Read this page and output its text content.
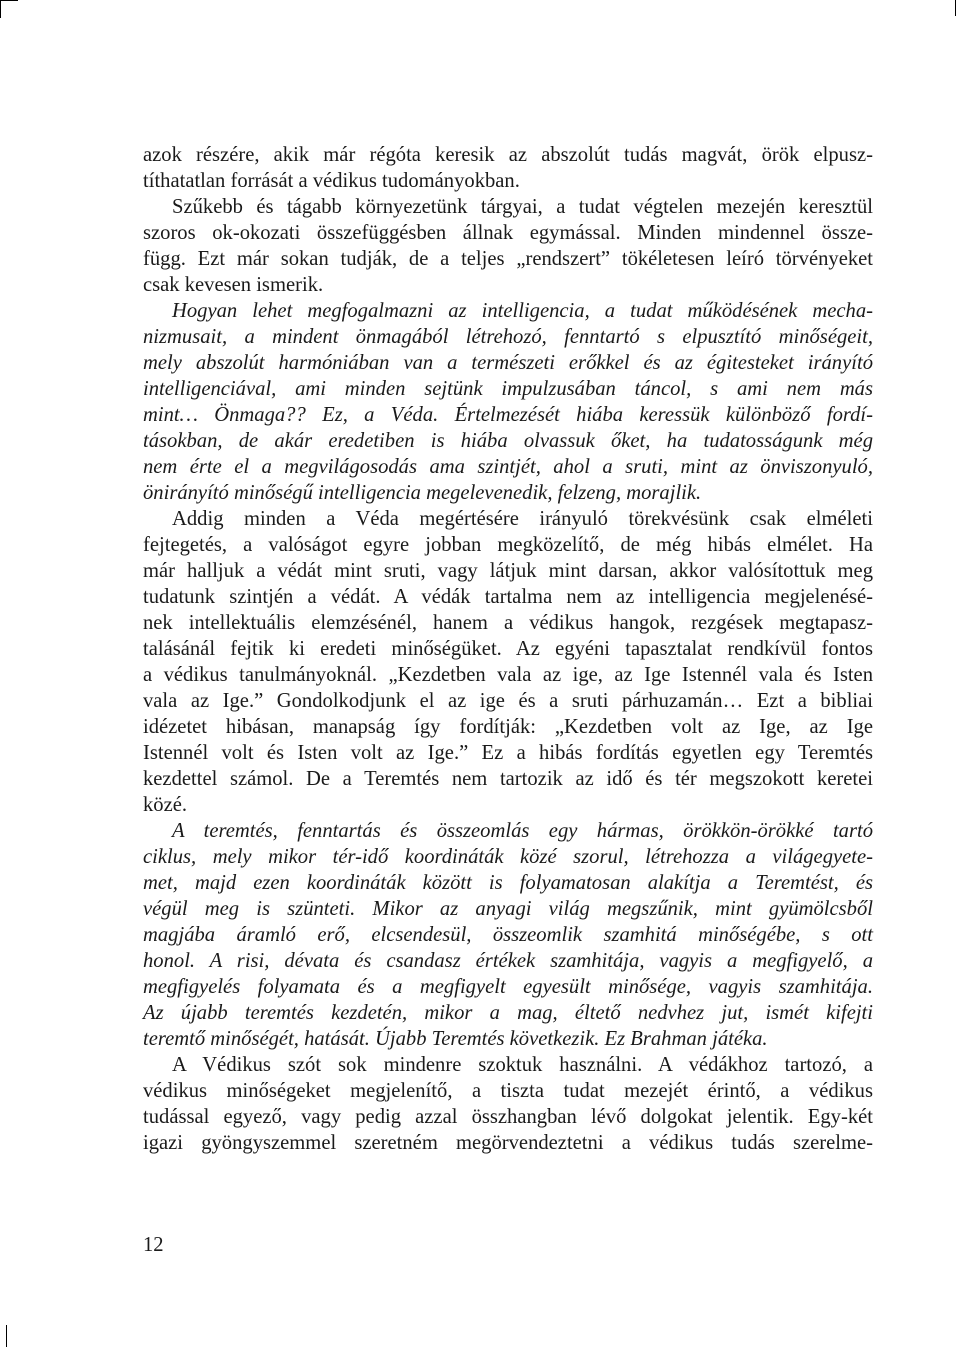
azok részére, akik már régóta keresik az abszolút tudás magvát, örök elpusz-
títhatatlan forrását a védikus tudományokban.
Szűkebb és tágabb környezetünk tárgyai, a tudat végtelen mezején keresztül
szoros ok-okozati összefüggésben állnak egymással. Minden mindennel össze-
függ. Ezt már sokan tudják, de a teljes „rendszert” tökéletesen leíró törvényeket
csak kevesen ismerik.
Hogyan lehet megfogalmazni az intelligencia, a tudat működésének mecha-
nizmusait, a mindent önmagából létrehozó, fenntartó s elpusztító minőségeit,
mely abszolút harmóniában van a természeti erőkkel és az égitesteket irányító
intelligenciával, ami minden sejtünk impulzusában táncol, s ami nem más
mint… Önmaga?? Ez, a Véda. Értelmezését hiába keressük különböző fordí-
tásokban, de akár eredetiben is hiába olvassuk őket, ha tudatosságunk még
nem érte el a megvilágosodás ama szintjét, ahol a sruti, mint az önviszonyuló,
önirányító minőségű intelligencia megelevenedik, felzeng, morajlik.
Addig minden a Véda megértésére irányuló törekvésünk csak elméleti
fejtegetés, a valóságot egyre jobban megközelítő, de még hibás elmélet. Ha
már halljuk a védát mint sruti, vagy látjuk mint darsan, akkor valósítottuk meg
tudatunk szintjén a védát. A védák tartalma nem az intelligencia megjelenésé-
nek intellektuális elemzésénél, hanem a védikus hangok, rezgések megtapasz-
talásánál fejtik ki eredeti minőségüket. Az egyéni tapasztalat rendkívül fontos
a védikus tanulmányoknál. „Kezdetben vala az ige, az Ige Istennél vala és Isten
vala az Ige.” Gondolkodjunk el az ige és a sruti párhuzamán… Ezt a bibliai
idézetet hibásan, manapság így fordítják: „Kezdetben volt az Ige, az Ige
Istennél volt és Isten volt az Ige.” Ez a hibás fordítás egyetlen egy Teremtés
kezdettel számol. De a Teremtés nem tartozik az idő és tér megszokott keretei
közé.
A teremtés, fenntartás és összeomlás egy hármas, örökkön-örökké tartó
ciklus, mely mikor tér-idő koordináták közé szorul, létrehozza a világegyete-
met, majd ezen koordináták között is folyamatosan alakítja a Teremtést, és
végül meg is szünteti. Mikor az anyagi világ megszűnik, mint gyümölcsből
magjába áramló erő, elcsendesül, összeomlik szamhitá minőségébe, s ott
honol. A risi, dévata és csandasz értékek szamhitája, vagyis a megfigyelő, a
megfigyelés folyamata és a megfigyelt egyesült minősége, vagyis szamhitája.
Az újabb teremtés kezdetén, mikor a mag, éltető nedvhez jut, ismét kifejti
teremtő minőségét, hatását. Újabb Teremtés következik. Ez Brahman játéka.
A Védikus szót sok mindenre szoktuk használni. A védákhoz tartozó, a
védikus minőségeket megjelenítő, a tiszta tudat mezejét érintő, a védikus
tudással egyező, vagy pedig azzal összhangban lévő dolgokat jelentik. Egy-két
igazi gyöngyszemmel szeretném megörvendeztetni a védikus tudás szerelme-
12
